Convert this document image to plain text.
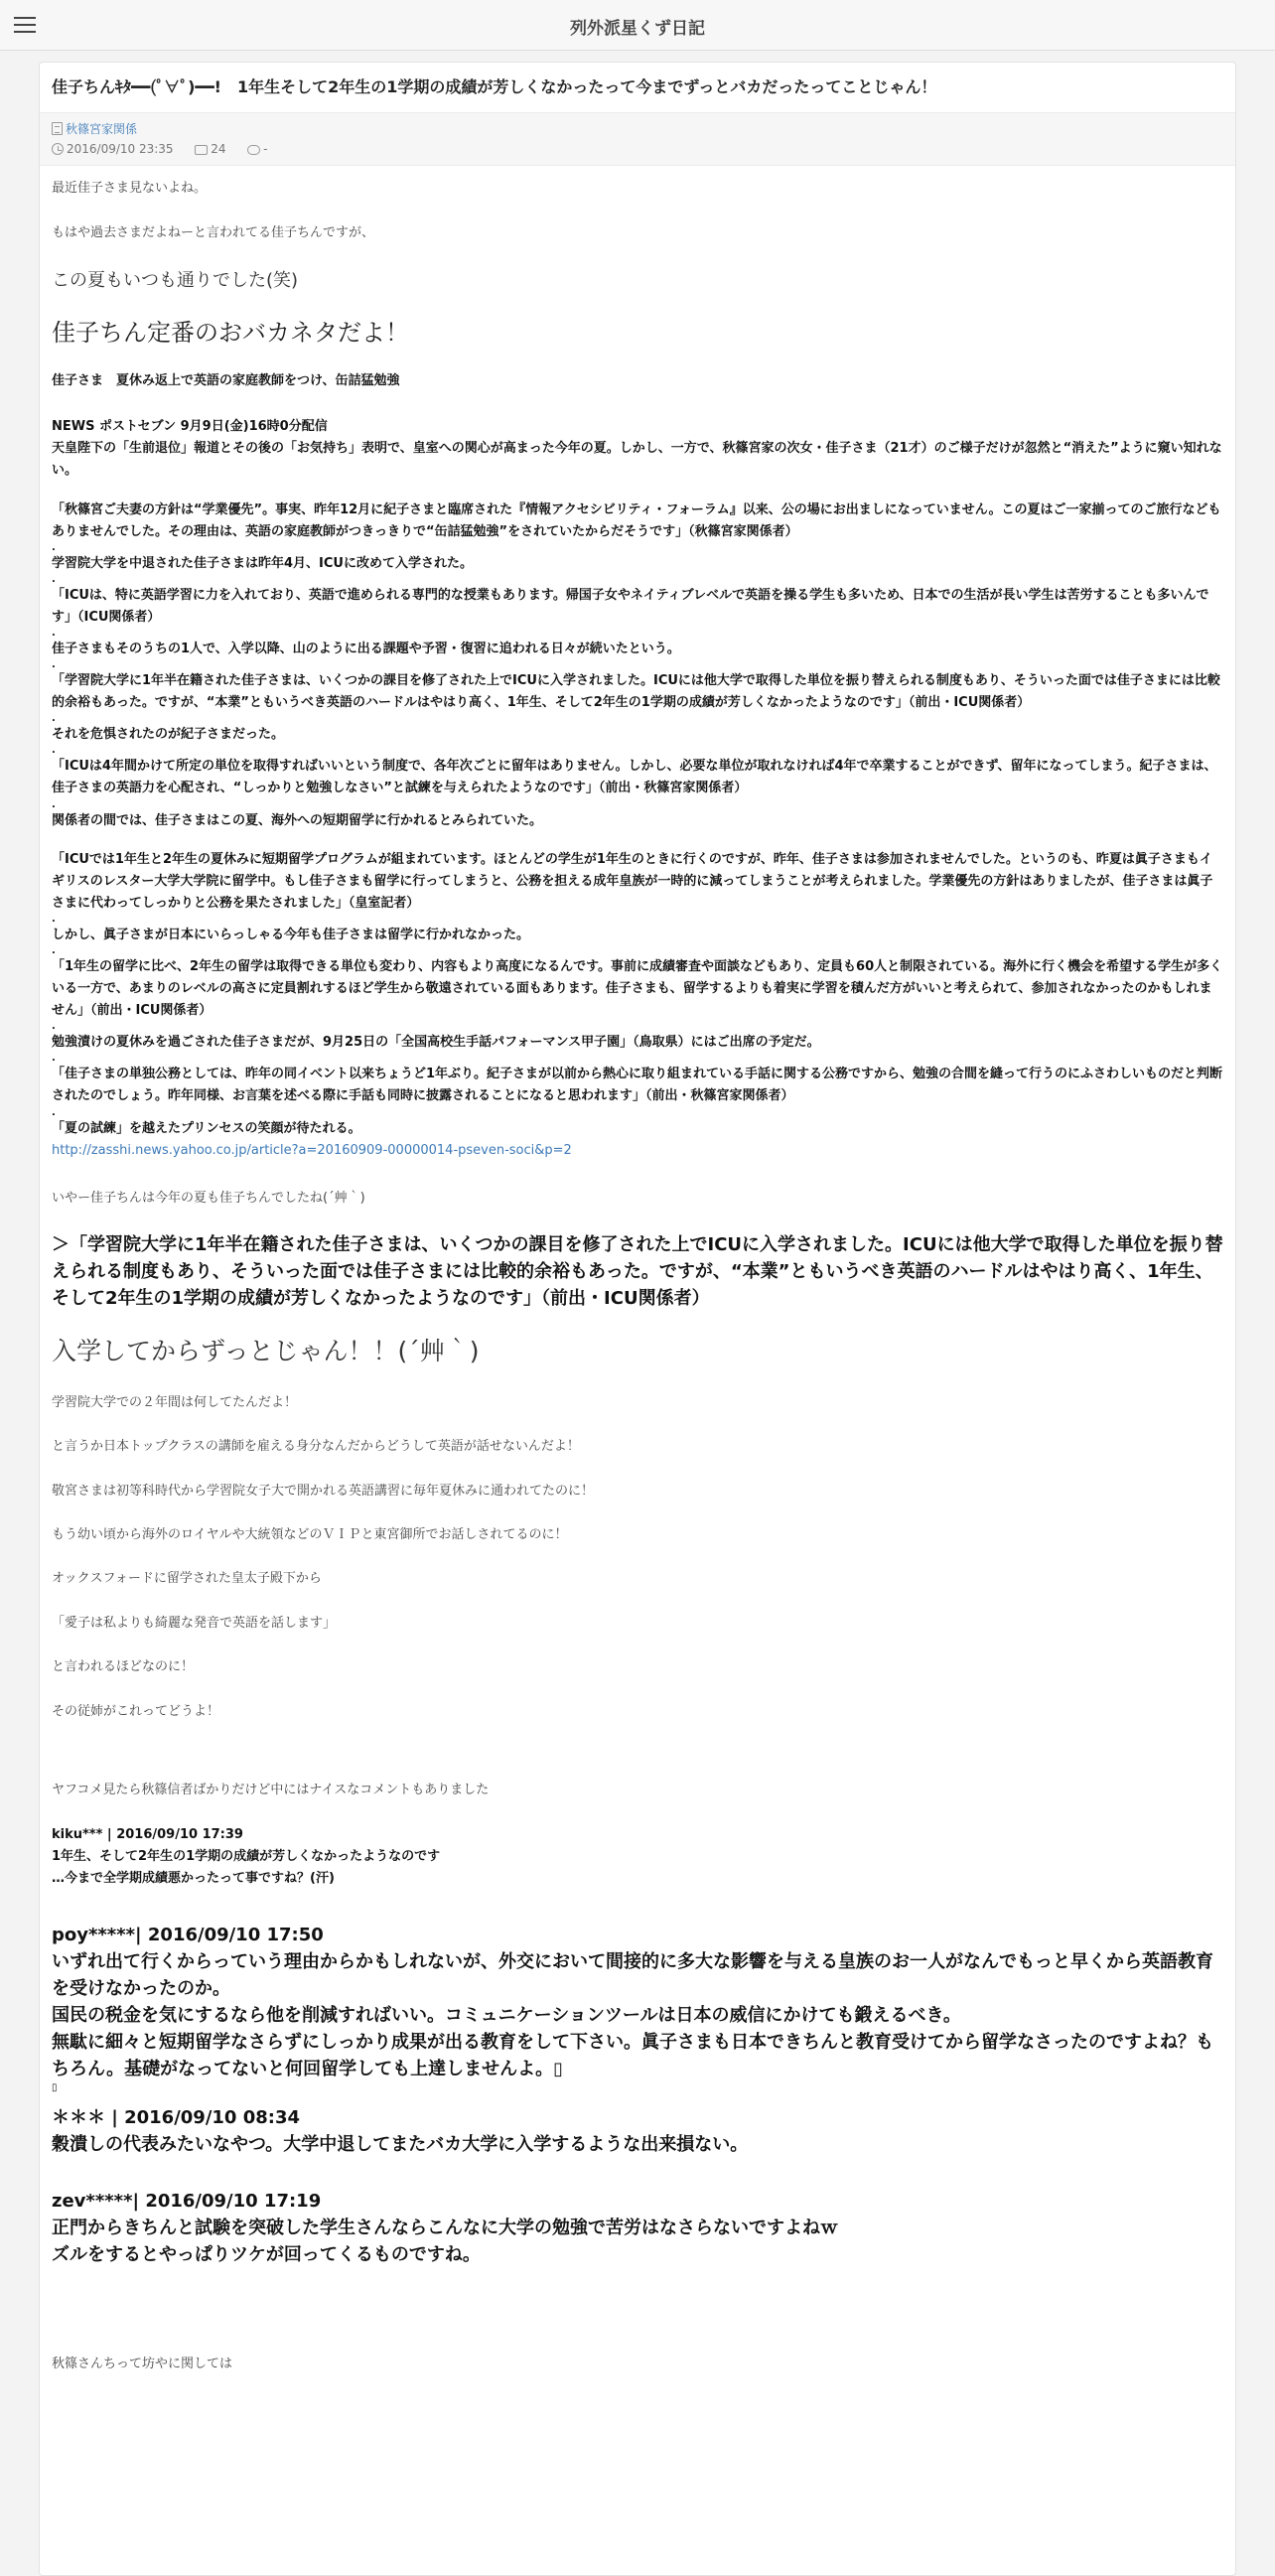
列外派星くず日記
佳子ちんｷﾀ━━(ﾟ∀ﾟ)━━!　1年生そして2年生の1学期の成績が芳しくなかったって今までずっとバカだったってことじゃん！
秋篠宮家関係
2016/09/10 23:35	24	-

最近佳子さま見ないよね。

もはや過去さまだよねーと言われてる佳子ちんですが、

この夏もいつも通りでした(笑)

佳子ちん定番のおバカネタだよ！

佳子さま　夏休み返上で英語の家庭教師をつけ、缶詰猛勉強

NEWS ポストセブン 9月9日(金)16時0分配信

天皇陛下の「生前退位」報道とその後の「お気持ち」表明で、皇室への関心が高まった今年の夏。しかし、一方で、秋篠宮家の次女・佳子さま（21才）のご様子だけが忽然と“消えた”ように窺い知れない。

「秋篠宮ご夫妻の方針は“学業優先”。事実、昨年12月に紀子さまと臨席された『情報アクセシビリティ・フォーラム』以来、公の場にお出ましになっていません。この夏はご一家揃ってのご旅行などもありませんでした。その理由は、英語の家庭教師がつきっきりで“缶詰猛勉強”をされていたからだそうです」（秋篠宮家関係者）

.

学習院大学を中退された佳子さまは昨年4月、ICUに改めて入学された。

.

「ICUは、特に英語学習に力を入れており、英語で進められる専門的な授業もあります。帰国子女やネイティブレベルで英語を操る学生も多いため、日本での生活が長い学生は苦労することも多いんです」（ICU関係者）

.

佳子さまもそのうちの1人で、入学以降、山のように出る課題や予習・復習に追われる日々が続いたという。

.

「学習院大学に1年半在籍された佳子さまは、いくつかの課目を修了された上でICUに入学されました。ICUには他大学で取得した単位を振り替えられる制度もあり、そういった面では佳子さまには比較的余裕もあった。ですが、“本業”ともいうべき英語のハードルはやはり高く、1年生、そして2年生の1学期の成績が芳しくなかったようなのです」（前出・ICU関係者）

.

それを危惧されたのが紀子さまだった。

.

「ICUは4年間かけて所定の単位を取得すればいいという制度で、各年次ごとに留年はありません。しかし、必要な単位が取れなければ4年で卒業することができず、留年になってしまう。紀子さまは、佳子さまの英語力を心配され、“しっかりと勉強しなさい”と試練を与えられたようなのです」（前出・秋篠宮家関係者）

.

関係者の間では、佳子さまはこの夏、海外への短期留学に行かれるとみられていた。

「ICUでは1年生と2年生の夏休みに短期留学プログラムが組まれています。ほとんどの学生が1年生のときに行くのですが、昨年、佳子さまは参加されませんでした。というのも、昨夏は眞子さまもイギリスのレスター大学大学院に留学中。もし佳子さまも留学に行ってしまうと、公務を担える成年皇族が一時的に減ってしまうことが考えられました。学業優先の方針はありましたが、佳子さまは眞子さまに代わってしっかりと公務を果たされました」（皇室記者）

.

しかし、眞子さまが日本にいらっしゃる今年も佳子さまは留学に行かれなかった。

.

「1年生の留学に比べ、2年生の留学は取得できる単位も変わり、内容もより高度になるんです。事前に成績審査や面談などもあり、定員も60人と制限されている。海外に行く機会を希望する学生が多くいる一方で、あまりのレベルの高さに定員割れするほど学生から敬遠されている面もあります。佳子さまも、留学するよりも着実に学習を積んだ方がいいと考えられて、参加されなかったのかもしれません」（前出・ICU関係者）

.

勉強漬けの夏休みを過ごされた佳子さまだが、9月25日の「全国高校生手話パフォーマンス甲子園」（鳥取県）にはご出席の予定だ。

.

「佳子さまの単独公務としては、昨年の同イベント以来ちょうど1年ぶり。紀子さまが以前から熱心に取り組まれている手話に関する公務ですから、勉強の合間を縫って行うのにふさわしいものだと判断されたのでしょう。昨年同様、お言葉を述べる際に手話も同時に披露されることになると思われます」（前出・秋篠宮家関係者）

.

「夏の試練」を越えたプリンセスの笑顔が待たれる。

http://zasshi.news.yahoo.co.jp/article?a=20160909-00000014-pseven-soci&p=2

いやー佳子ちんは今年の夏も佳子ちんでしたね(´艸｀)

＞「学習院大学に1年半在籍された佳子さまは、いくつかの課目を修了された上でICUに入学されました。ICUには他大学で取得した単位を振り替えられる制度もあり、そういった面では佳子さまには比較的余裕もあった。ですが、“本業”ともいうべき英語のハードルはやはり高く、1年生、そして2年生の1学期の成績が芳しくなかったようなのです」（前出・ICU関係者）

入学してからずっとじゃん！！(´艸｀)

学習院大学での２年間は何してたんだよ！

と言うか日本トップクラスの講師を雇える身分なんだからどうして英語が話せないんだよ！

敬宮さまは初等科時代から学習院女子大で開かれる英語講習に毎年夏休みに通われてたのに！

もう幼い頃から海外のロイヤルや大統領などのＶＩＰと東宮御所でお話しされてるのに！

オックスフォードに留学された皇太子殿下から

「愛子は私よりも綺麗な発音で英語を話します」

と言われるほどなのに！

その従姉がこれってどうよ！

ヤフコメ見たら秋篠信者ばかりだけど中にはナイスなコメントもありました

kiku*** | 2016/09/10 17:39
1年生、そして2年生の1学期の成績が芳しくなかったようなのです
…今まで全学期成績悪かったって事ですね？(汗)
poy*****| 2016/09/10 17:50
いずれ出て行くからっていう理由からかもしれないが、外交において間接的に多大な影響を与える皇族のお一人がなんでもっと早くから英語教育を受けなかったのか。
国民の税金を気にするなら他を削減すればいい。コミュニケーションツールは日本の威信にかけても鍛えるべき。
無駄に細々と短期留学なさらずにしっかり成果が出る教育をして下さい。眞子さまも日本できちんと教育受けてから留学なさったのですよね？もちろん。基礎がなってないと何回留学しても上達しませんよ。▯
▯
＊＊＊ | 2016/09/10 08:34
穀潰しの代表みたいなやつ。大学中退してまたバカ大学に入学するような出来損ない。
zev*****| 2016/09/10 17:19
正門からきちんと試験を突破した学生さんならこんなに大学の勉強で苦労はなさらないですよねｗ
ズルをするとやっぱりツケが回ってくるものですね。

秋篠さんちって坊やに関しては
